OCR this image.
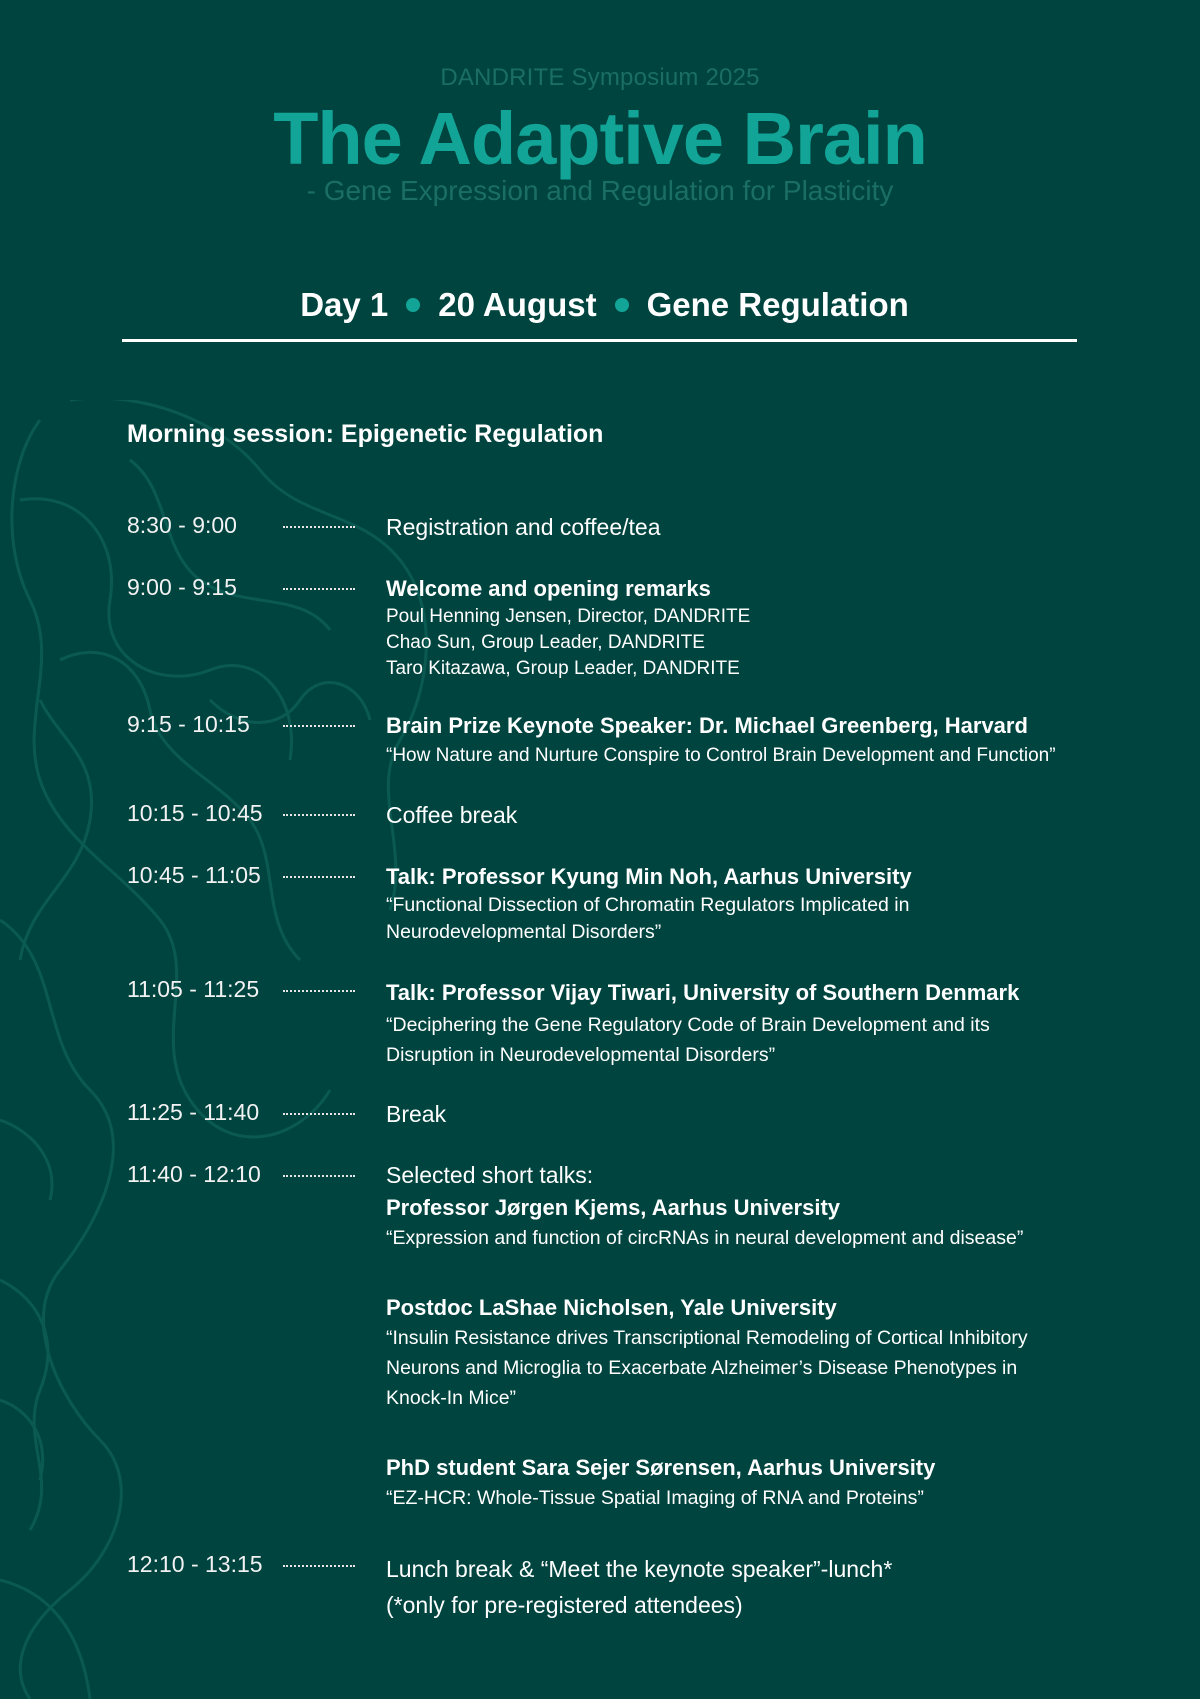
DANDRITE Symposium 2025
The Adaptive Brain
- Gene Expression and Regulation for Plasticity
Day 1 20 August Gene Regulation
Morning session: Epigenetic Regulation
8:30 - 9:00	Registration and coffee/tea
9:00 - 9:15	Welcome and opening remarks
Poul Henning Jensen, Director, DANDRITE
Chao Sun, Group Leader, DANDRITE
Taro Kitazawa, Group Leader, DANDRITE
9:15 - 10:15	Brain Prize Keynote Speaker: Dr. Michael Greenberg, Harvard
“How Nature and Nurture Conspire to Control Brain Development and Function”
10:15 - 10:45	Coffee break
10:45 - 11:05	Talk: Professor Kyung Min Noh, Aarhus University
“Functional Dissection of Chromatin Regulators Implicated in
Neurodevelopmental Disorders”
11:05 - 11:25	Talk: Professor Vijay Tiwari, University of Southern Denmark
“Deciphering the Gene Regulatory Code of Brain Development and its
Disruption in Neurodevelopmental Disorders”
11:25 - 11:40	Break
11:40 - 12:10	Selected short talks:
Professor Jørgen Kjems, Aarhus University
“Expression and function of circRNAs in neural development and disease”
Postdoc LaShae Nicholsen, Yale University
“Insulin Resistance drives Transcriptional Remodeling of Cortical Inhibitory
Neurons and Microglia to Exacerbate Alzheimer’s Disease Phenotypes in
Knock-In Mice”
PhD student Sara Sejer Sørensen, Aarhus University
“EZ-HCR: Whole-Tissue Spatial Imaging of RNA and Proteins”
12:10 - 13:15	Lunch break & “Meet the keynote speaker”-lunch*
(*only for pre-registered attendees)
